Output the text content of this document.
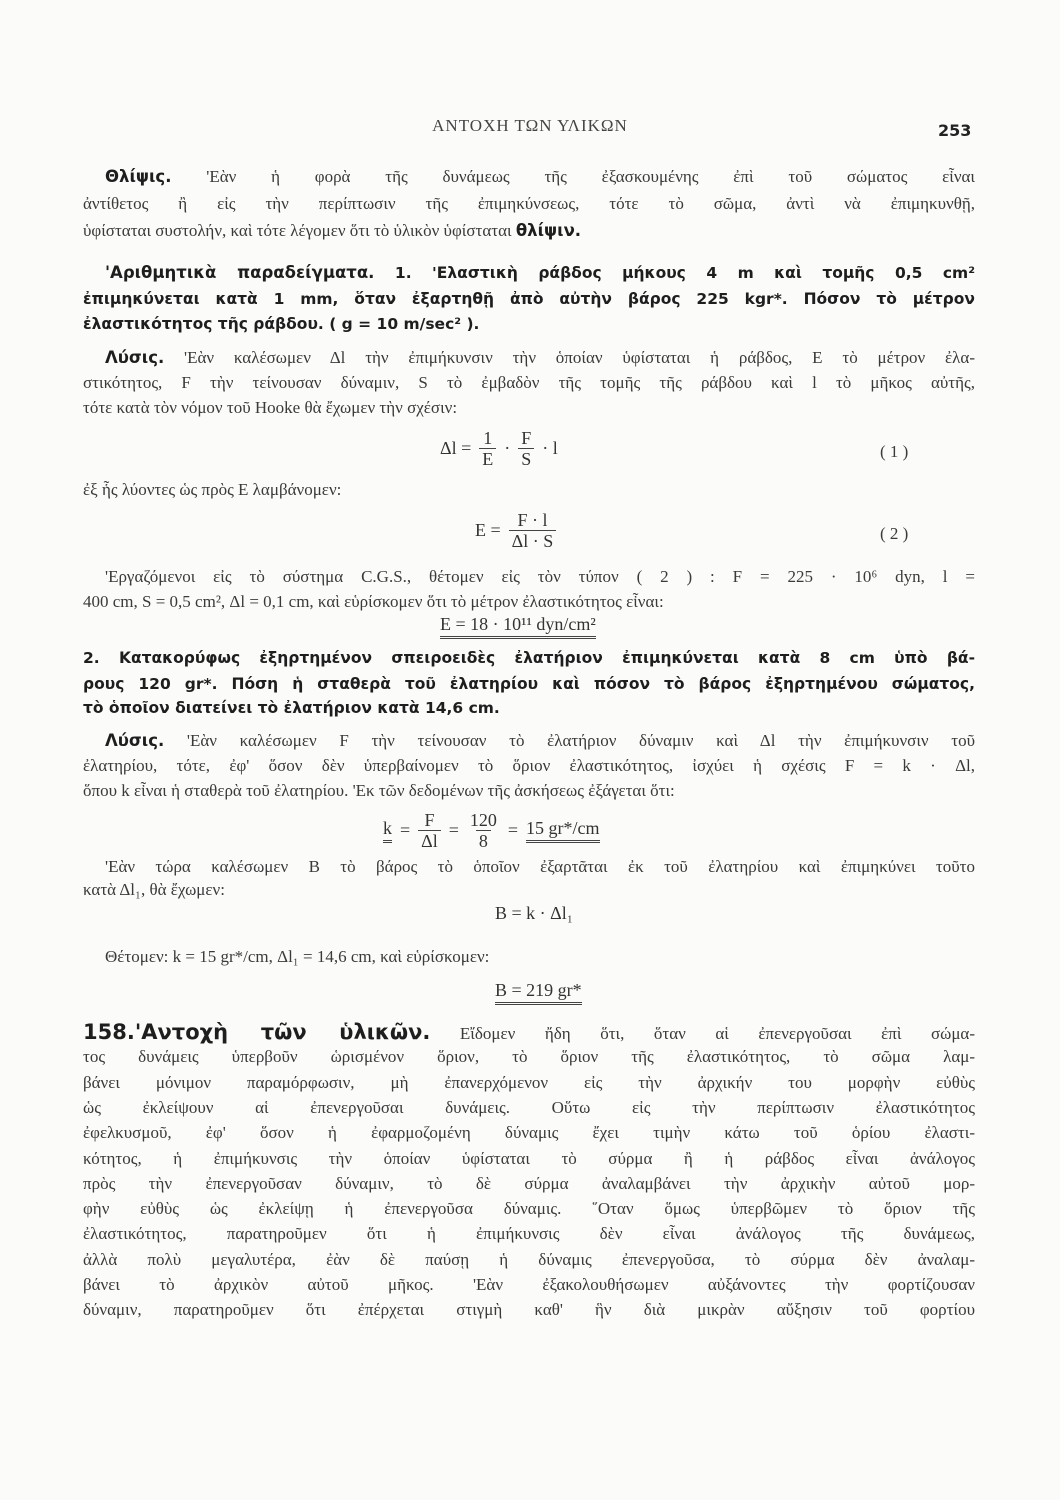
ΑΝΤΟΧΗ ΤΩΝ ΥΛΙΚΩΝ	253
Θλίψις. 'Εὰν ἡ φορὰ τῆς δυνάμεως τῆς ἐξασκουμένης ἐπὶ τοῦ σώματος εἶναι
ἀντίθετος ἢ εἰς τὴν περίπτωσιν τῆς ἐπιμηκύνσεως, τότε τὸ σῶμα, ἀντὶ νὰ ἐπιμηκυνθῇ,
ὑφίσταται συστολήν, καὶ τότε λέγομεν ὅτι τὸ ὑλικὸν ὑφίσταται θλίψιν.
'Αριθμητικὰ παραδείγματα. 1. 'Ελαστικὴ ράβδος μήκους 4 m καὶ τομῆς 0,5 cm²
ἐπιμηκύνεται κατὰ 1 mm, ὅταν ἐξαρτηθῇ ἀπὸ αὐτὴν βάρος 225 kgr*. Πόσον τὸ μέτρον
ἐλαστικότητος τῆς ράβδου. ( g = 10 m/sec² ).
Λύσις. 'Εὰν καλέσωμεν Δl τὴν ἐπιμήκυνσιν τὴν ὁποίαν ὑφίσταται ἡ ράβδος, E τὸ μέτρον ἐλα-
στικότητος, F τὴν τείνουσαν δύναμιν, S τὸ ἐμβαδὸν τῆς τομῆς τῆς ράβδου καὶ l τὸ μῆκος αὐτῆς,
τότε κατὰ τὸν νόμον τοῦ Hooke θὰ ἔχωμεν τὴν σχέσιν:
'Εργαζόμενοι εἰς τὸ σύστημα C.G.S., θέτομεν εἰς τὸν τύπον ( 2 ) : F = 225 · 10⁶ dyn, l =
400 cm, S = 0,5 cm², Δl = 0,1 cm, καὶ εὑρίσκομεν ὅτι τὸ μέτρον ἐλαστικότητος εἶναι:
2. Κατακορύφως ἐξηρτημένον σπειροειδὲς ἐλατήριον ἐπιμηκύνεται κατὰ 8 cm ὑπὸ βά-
ρους 120 gr*. Πόση ἡ σταθερὰ τοῦ ἐλατηρίου καὶ πόσον τὸ βάρος ἐξηρτημένου σώματος,
τὸ ὁποῖον διατείνει τὸ ἐλατήριον κατὰ 14,6 cm.
Λύσις. 'Εὰν καλέσωμεν F τὴν τείνουσαν τὸ ἐλατήριον δύναμιν καὶ Δl τὴν ἐπιμήκυνσιν τοῦ
ἐλατηρίου, τότε, ἐφ' ὅσον δὲν ὑπερβαίνομεν τὸ ὅριον ἐλαστικότητος, ἰσχύει ἡ σχέσις F = k · Δl,
ὅπου k εἶναι ἡ σταθερὰ τοῦ ἐλατηρίου. 'Εκ τῶν δεδομένων τῆς ἀσκήσεως ἐξάγεται ὅτι:
'Εὰν τώρα καλέσωμεν B τὸ βάρος τὸ ὁποῖον ἐξαρτᾶται ἐκ τοῦ ἐλατηρίου καὶ ἐπιμηκύνει τοῦτο
κατὰ Δl₁, θὰ ἔχωμεν:
Θέτομεν: k = 15 gr*/cm, Δl₁ = 14,6 cm, καὶ εὑρίσκομεν:
158.'Αντοχὴ τῶν ὑλικῶν. Εἴδομεν ἤδη ὅτι, ὅταν αἱ ἐπενεργοῦσαι ἐπὶ σώμα-
τος δυνάμεις ὑπερβοῦν ὡρισμένον ὅριον, τὸ ὅριον τῆς ἐλαστικότητος, τὸ σῶμα λαμ-
βάνει μόνιμον παραμόρφωσιν, μὴ ἐπανερχόμενον εἰς τὴν ἀρχικήν του μορφὴν εὐθὺς
ὡς ἐκλείψουν αἱ ἐπενεργοῦσαι δυνάμεις. Οὕτω εἰς τὴν περίπτωσιν ἐλαστικότητος
ἐφελκυσμοῦ, ἐφ' ὅσον ἡ ἐφαρμοζομένη δύναμις ἔχει τιμὴν κάτω τοῦ ὁρίου ἐλαστι-
κότητος, ἡ ἐπιμήκυνσις τὴν ὁποίαν ὑφίσταται τὸ σύρμα ἢ ἡ ράβδος εἶναι ἀνάλογος
πρὸς τὴν ἐπενεργοῦσαν δύναμιν, τὸ δὲ σύρμα ἀναλαμβάνει τὴν ἀρχικὴν αὐτοῦ μορ-
φὴν εὐθὺς ὡς ἐκλείψῃ ἡ ἐπενεργοῦσα δύναμις. ῞Οταν ὅμως ὑπερβῶμεν τὸ ὅριον τῆς
ἐλαστικότητος, παρατηροῦμεν ὅτι ἡ ἐπιμήκυνσις δὲν εἶναι ἀνάλογος τῆς δυνάμεως,
ἀλλὰ πολὺ μεγαλυτέρα, ἐὰν δὲ παύσῃ ἡ δύναμις ἐπενεργοῦσα, τὸ σύρμα δὲν ἀναλαμ-
βάνει τὸ ἀρχικὸν αὐτοῦ μῆκος. 'Εὰν ἐξακολουθήσωμεν αὐξάνοντες τὴν φορτίζουσαν
δύναμιν, παρατηροῦμεν ὅτι ἐπέρχεται στιγμὴ καθ' ἣν διὰ μικρὰν αὔξησιν τοῦ φορτίου
$\Delta l = \frac{1}{E} \cdot \frac{F}{S} \cdot l$	( 1 )
ἐξ ἧς λύοντες ὡς πρὸς E λαμβάνομεν:
$E = \frac{F \cdot l}{\Delta l \cdot S}$	( 2 )
E = 18 · 10¹¹ dyn/cm²
$k = \frac{F}{\Delta l} = \frac{120}{8} = 15$ gr*/cm
B = k · Δl₁
B = 219 gr*
